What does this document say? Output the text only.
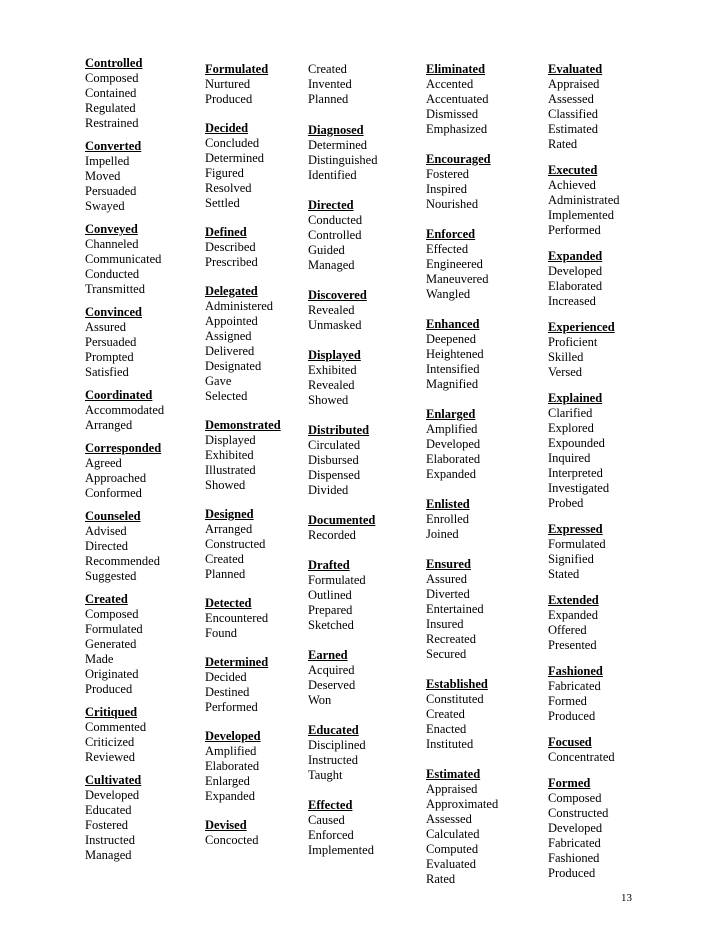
Controlled
Composed
Contained
Regulated
Restrained
Converted
Impelled
Moved
Persuaded
Swayed
Conveyed
Channeled
Communicated
Conducted
Transmitted
Convinced
Assured
Persuaded
Prompted
Satisfied
Coordinated
Accommodated
Arranged
Corresponded
Agreed
Approached
Conformed
Counseled
Advised
Directed
Recommended
Suggested
Created
Composed
Formulated
Generated
Made
Originated
Produced
Critiqued
Commented
Criticized
Reviewed
Cultivated
Developed
Educated
Fostered
Instructed
Managed
Formulated
Nurtured
Produced
Decided
Concluded
Determined
Figured
Resolved
Settled
Defined
Described
Prescribed
Delegated
Administered
Appointed
Assigned
Delivered
Designated
Gave
Selected
Demonstrated
Displayed
Exhibited
Illustrated
Showed
Designed
Arranged
Constructed
Created
Planned
Detected
Encountered
Found
Determined
Decided
Destined
Performed
Developed
Amplified
Elaborated
Enlarged
Expanded
Devised
Concocted
Created
Invented
Planned
Diagnosed
Determined
Distinguished
Identified
Directed
Conducted
Controlled
Guided
Managed
Discovered
Revealed
Unmasked
Displayed
Exhibited
Revealed
Showed
Distributed
Circulated
Disbursed
Dispensed
Divided
Documented
Recorded
Drafted
Formulated
Outlined
Prepared
Sketched
Earned
Acquired
Deserved
Won
Educated
Disciplined
Instructed
Taught
Effected
Caused
Enforced
Implemented
Eliminated
Accented
Accentuated
Dismissed
Emphasized
Encouraged
Fostered
Inspired
Nourished
Enforced
Effected
Engineered
Maneuvered
Wangled
Enhanced
Deepened
Heightened
Intensified
Magnified
Enlarged
Amplified
Developed
Elaborated
Expanded
Enlisted
Enrolled
Joined
Ensured
Assured
Diverted
Entertained
Insured
Recreated
Secured
Established
Constituted
Created
Enacted
Instituted
Estimated
Appraised
Approximated
Assessed
Calculated
Computed
Evaluated
Rated
Evaluated
Appraised
Assessed
Classified
Estimated
Rated
Executed
Achieved
Administrated
Implemented
Performed
Expanded
Developed
Elaborated
Increased
Experienced
Proficient
Skilled
Versed
Explained
Clarified
Explored
Expounded
Inquired
Interpreted
Investigated
Probed
Expressed
Formulated
Signified
Stated
Extended
Expanded
Offered
Presented
Fashioned
Fabricated
Formed
Produced
Focused
Concentrated
Formed
Composed
Constructed
Developed
Fabricated
Fashioned
Produced
13
